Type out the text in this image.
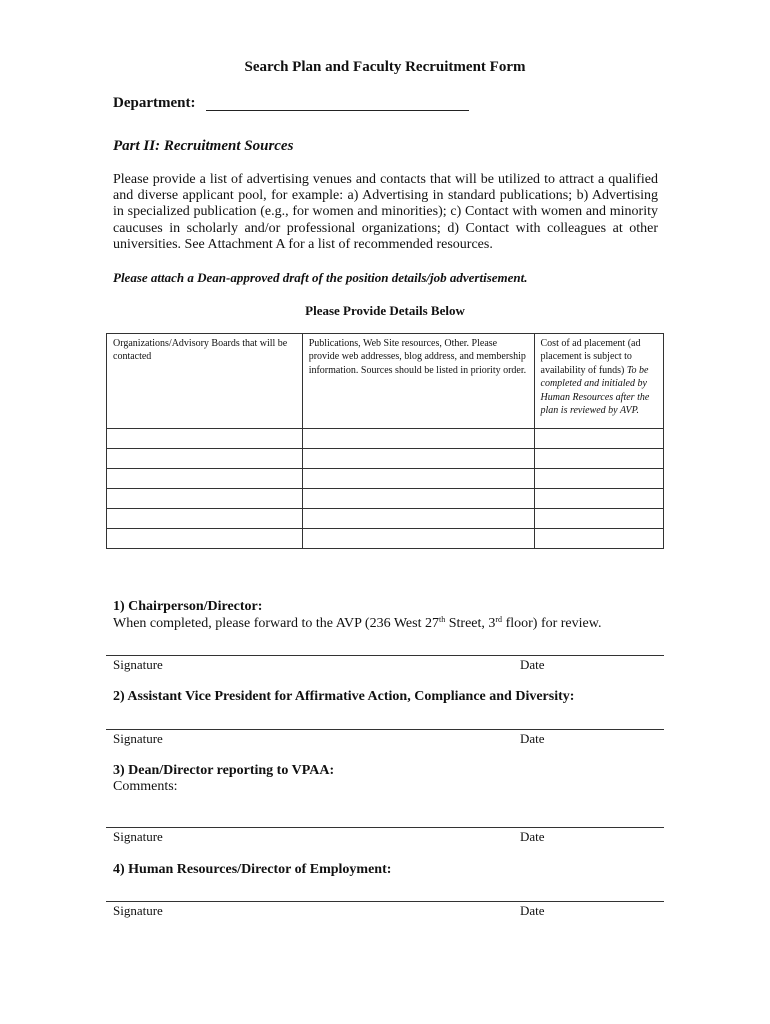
Search Plan and Faculty Recruitment Form
Department:
Part II: Recruitment Sources
Please provide a list of advertising venues and contacts that will be utilized to attract a qualified and diverse applicant pool, for example: a) Advertising in standard publications; b) Advertising in specialized publication (e.g., for women and minorities); c) Contact with women and minority caucuses in scholarly and/or professional organizations; d) Contact with colleagues at other universities. See Attachment A for a list of recommended resources.
Please attach a Dean-approved draft of the position details/job advertisement.
Please Provide Details Below
Organizations/Advisory Boards that will be contacted	Publications, Web Site resources, Other. Please provide web addresses, blog address, and membership information. Sources should be listed in priority order.	Cost of ad placement (ad placement is subject to availability of funds) To be completed and initialed by Human Resources after the plan is reviewed by AVP.

1) Chairperson/Director:
When completed, please forward to the AVP (236 West 27th Street, 3rd floor) for review.
Signature	Date
2) Assistant Vice President for Affirmative Action, Compliance and Diversity:
Signature	Date
3) Dean/Director reporting to VPAA:
Comments:
Signature	Date
4) Human Resources/Director of Employment:
Signature	Date
